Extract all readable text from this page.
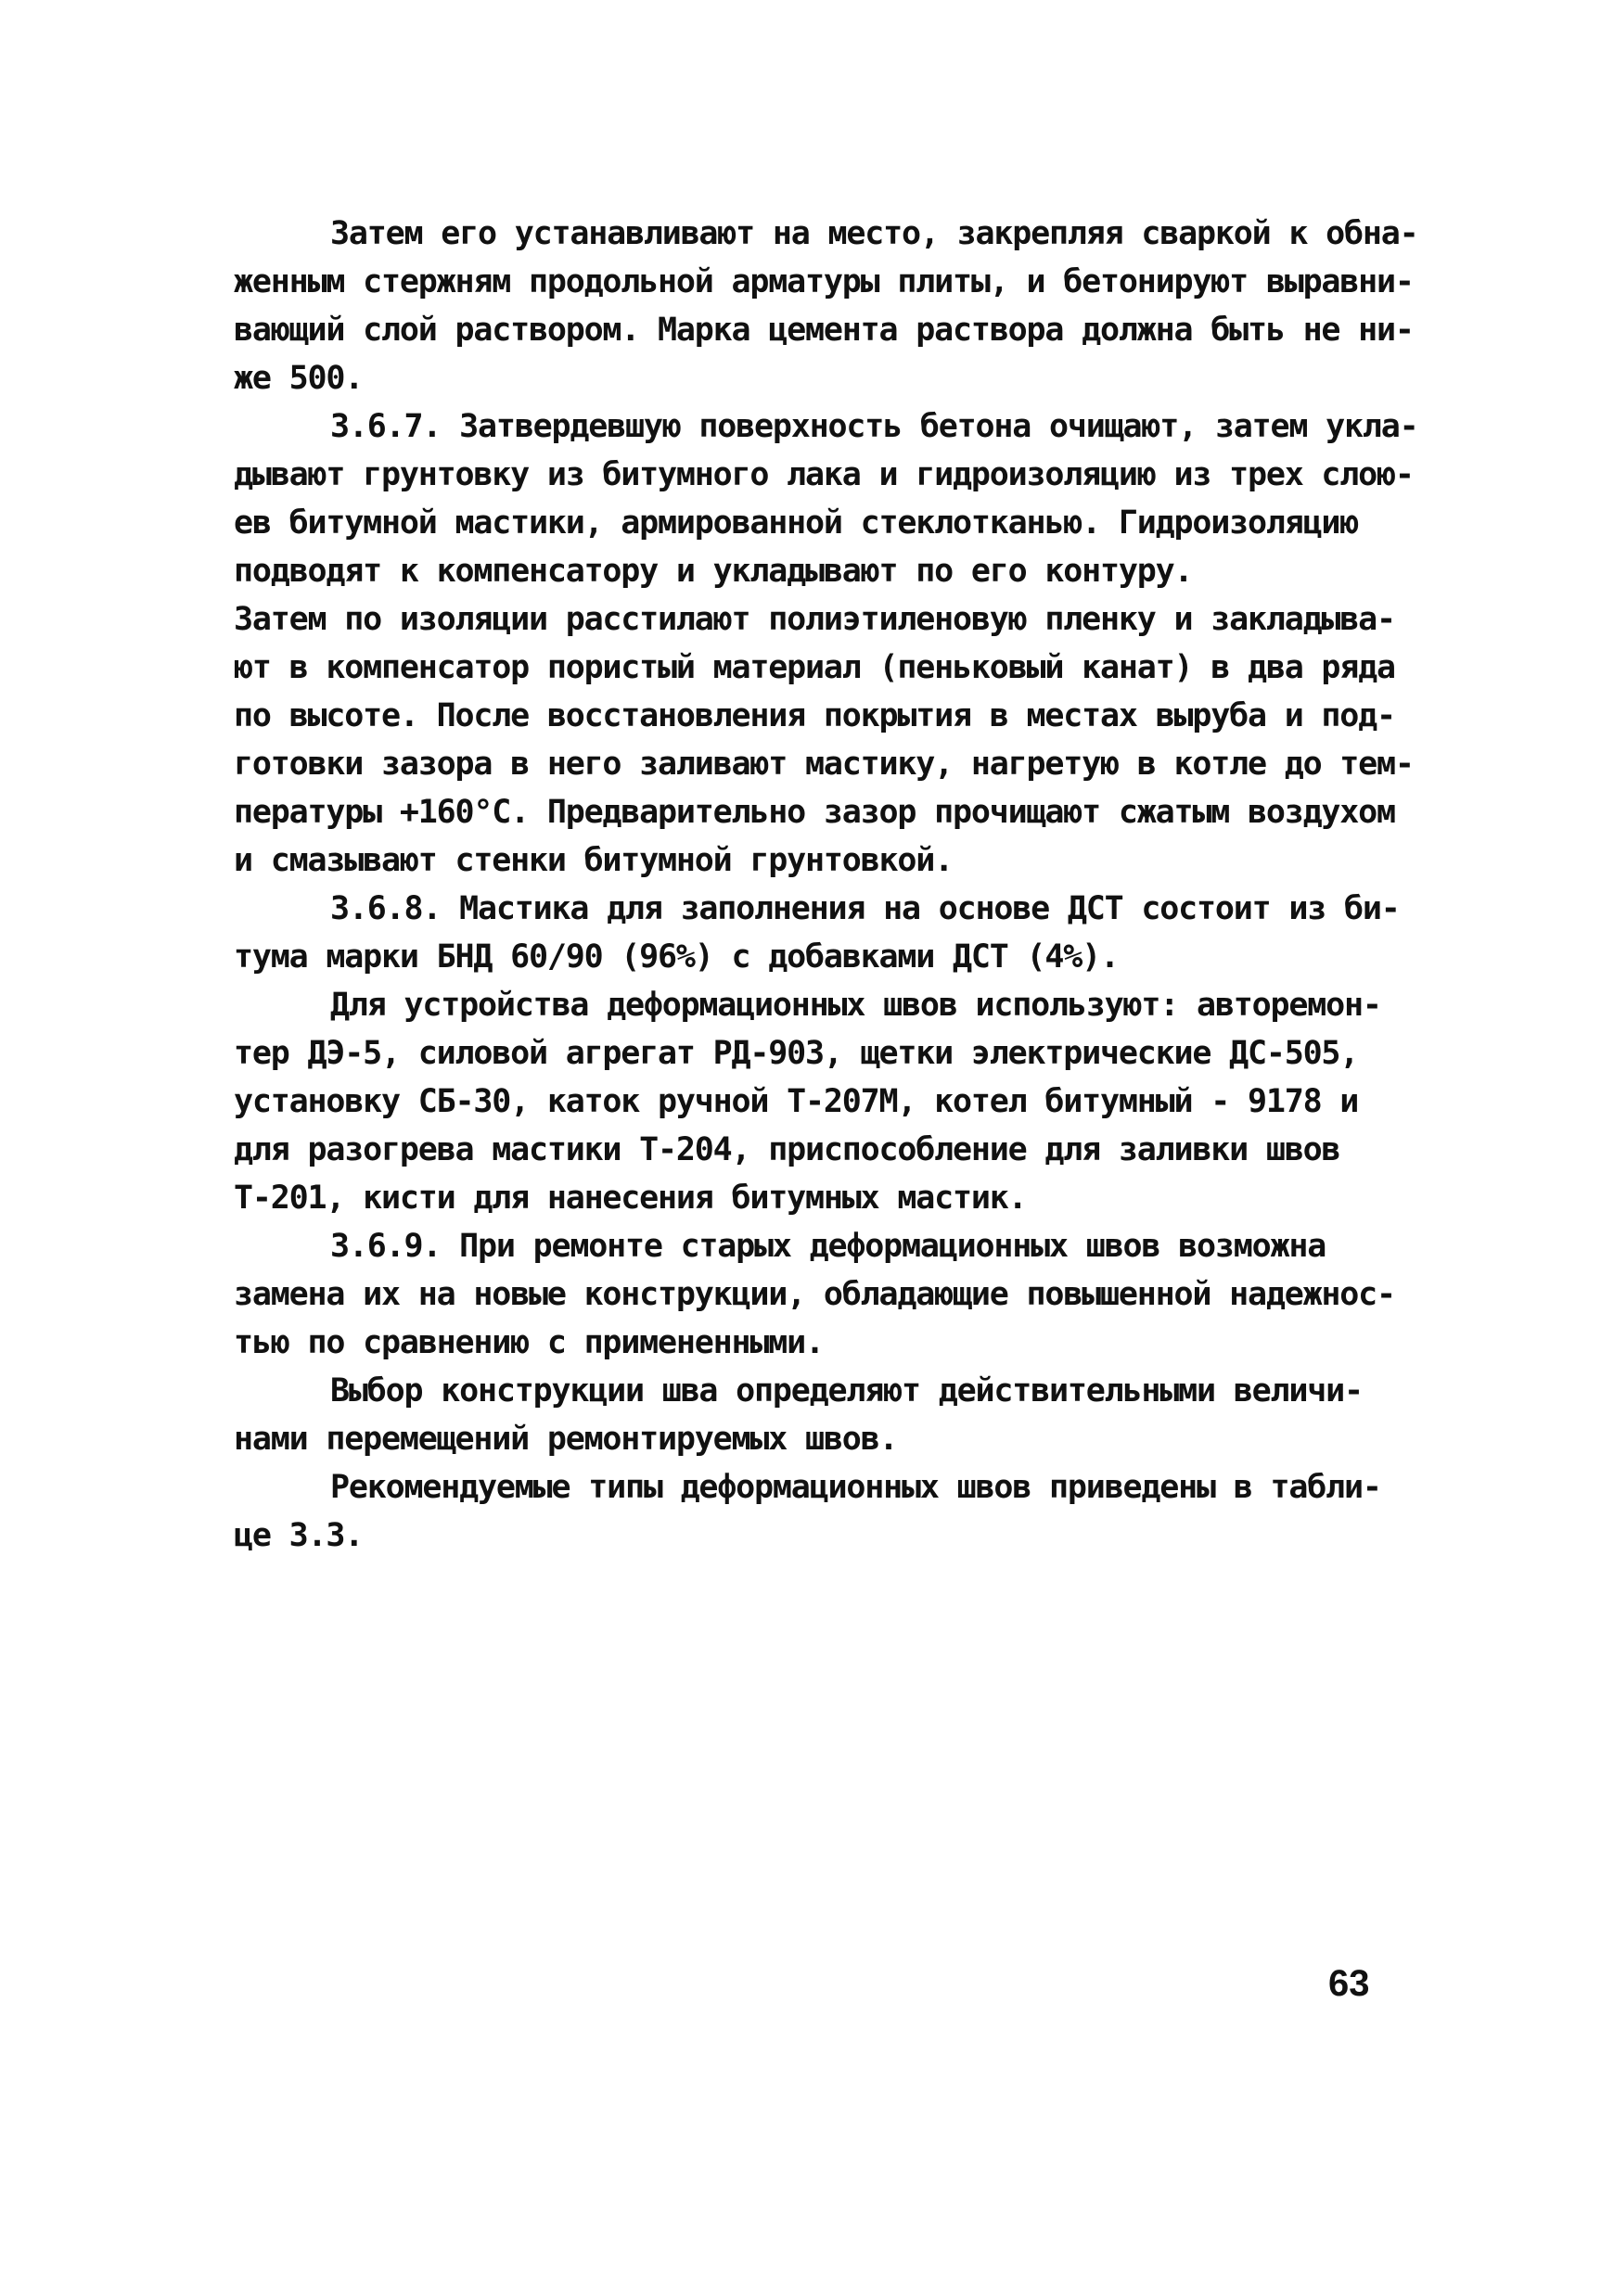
Затем его устанавливают на место, закрепляя сваркой к обна-
женным стержням продольной арматуры плиты, и бетонируют выравни-
вающий слой раствором. Марка цемента раствора должна быть не ни-
же 500.
3.6.7. Затвердевшую поверхность бетона очищают, затем укла-
дывают грунтовку из битумного лака и гидроизоляцию из трех слою-
ев битумной мастики, армированной стеклотканью. Гидроизоляцию
подводят к компенсатору и укладывают по его контуру.
Затем по изоляции расстилают полиэтиленовую пленку и закладыва-
ют в компенсатор пористый материал (пеньковый канат) в два ряда
по высоте. После восстановления покрытия в местах выруба и под-
готовки зазора в него заливают мастику, нагретую в котле до тем-
пературы +160°С. Предварительно зазор прочищают сжатым воздухом
и смазывают стенки битумной грунтовкой.
3.6.8. Мастика для заполнения на основе ДСТ состоит из би-
тума марки БНД 60/90 (96%) с добавками ДСТ (4%).
Для устройства деформационных швов используют: авторемон-
тер ДЭ-5, силовой агрегат РД-903, щетки электрические ДС-505,
установку СБ-30, каток ручной Т-207М, котел битумный - 9178 и
для разогрева мастики Т-204, приспособление для заливки швов
Т-201, кисти для нанесения битумных мастик.
3.6.9. При ремонте старых деформационных швов возможна
замена их на новые конструкции, обладающие повышенной надежнос-
тью по сравнению с примененными.
Выбор конструкции шва определяют действительными величи-
нами перемещений ремонтируемых швов.
Рекомендуемые типы деформационных швов приведены в табли-
це 3.3.
63
